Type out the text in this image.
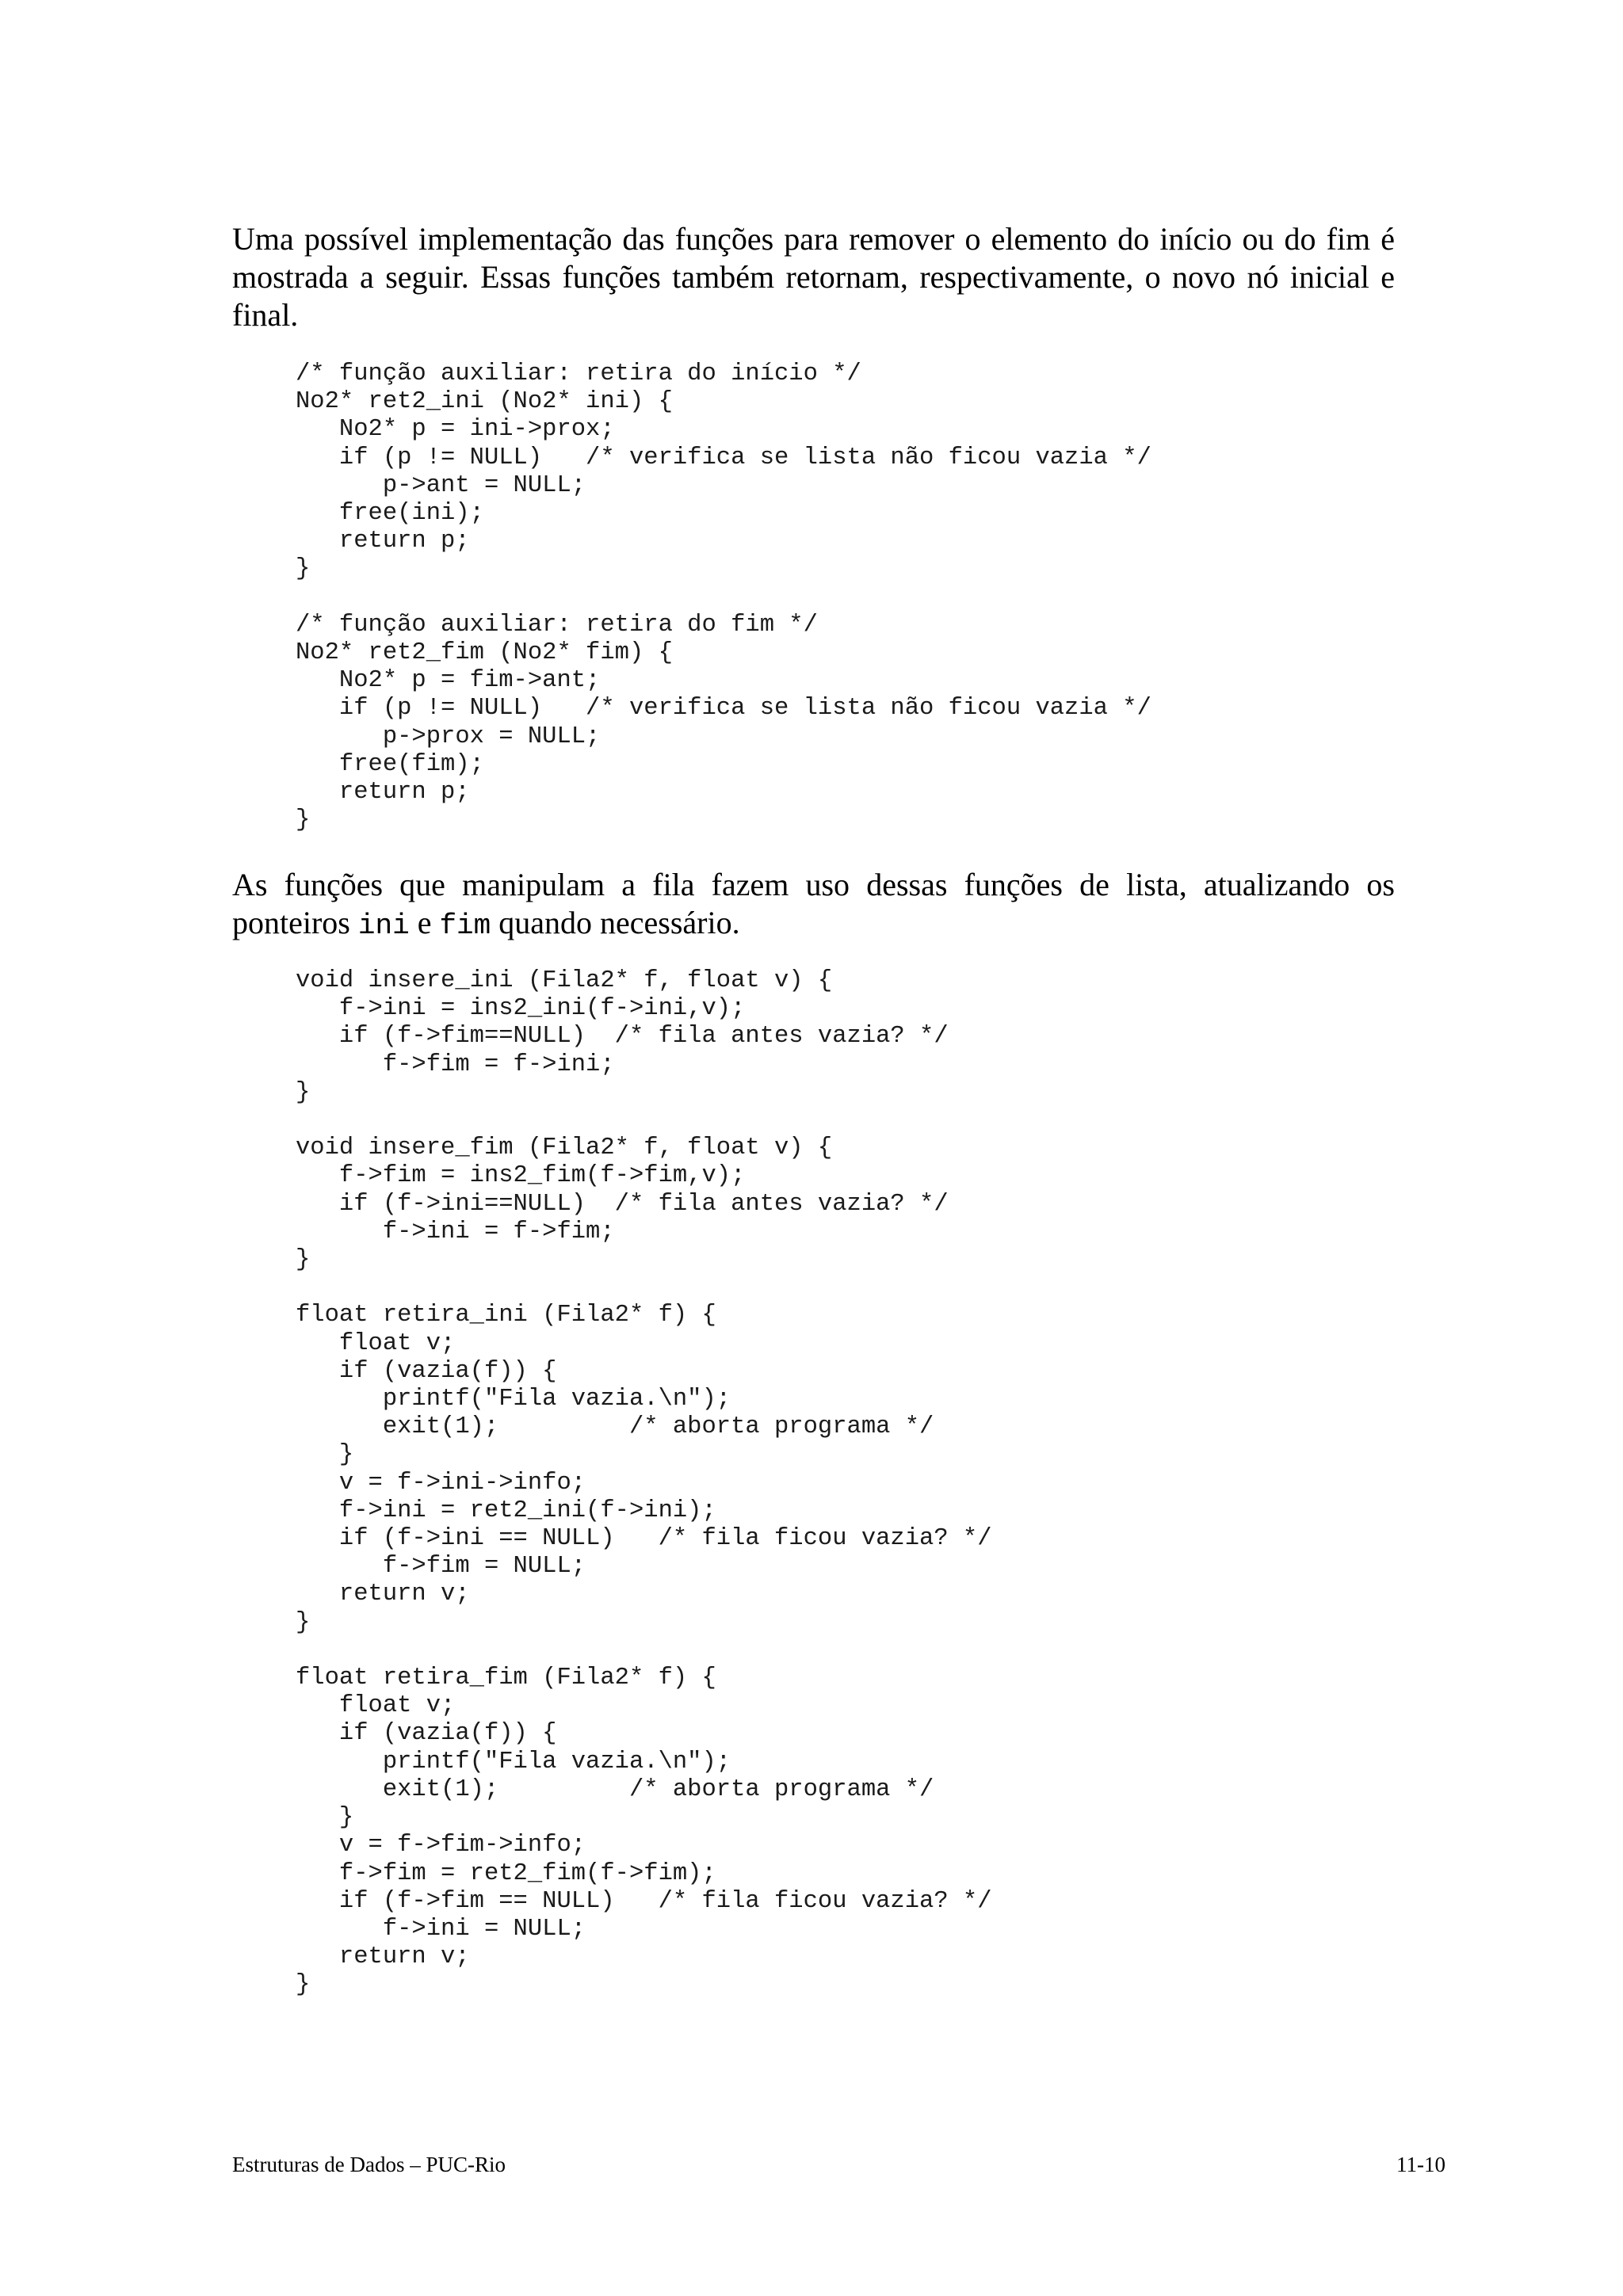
Uma possível implementação das funções para remover o elemento do início ou do fim é mostrada a seguir. Essas funções também retornam, respectivamente, o novo nó inicial e final.

/* função auxiliar: retira do início */
No2* ret2_ini (No2* ini) {
No2* p = ini->prox;
if (p != NULL)   /* verifica se lista não ficou vazia */
p->ant = NULL;
free(ini);
return p;
}

/* função auxiliar: retira do fim */
No2* ret2_fim (No2* fim) {
No2* p = fim->ant;
if (p != NULL)   /* verifica se lista não ficou vazia */
p->prox = NULL;
free(fim);
return p;
}

As funções que manipulam a fila fazem uso dessas funções de lista, atualizando os ponteiros ini e fim quando necessário.

void insere_ini (Fila2* f, float v) {
f->ini = ins2_ini(f->ini,v);
if (f->fim==NULL)  /* fila antes vazia? */
f->fim = f->ini;
}

void insere_fim (Fila2* f, float v) {
f->fim = ins2_fim(f->fim,v);
if (f->ini==NULL)  /* fila antes vazia? */
f->ini = f->fim;
}

float retira_ini (Fila2* f) {
float v;
if (vazia(f)) {
printf("Fila vazia.\n");
exit(1);         /* aborta programa */
}
v = f->ini->info;
f->ini = ret2_ini(f->ini);
if (f->ini == NULL)   /* fila ficou vazia? */
f->fim = NULL;
return v;
}

float retira_fim (Fila2* f) {
float v;
if (vazia(f)) {
printf("Fila vazia.\n");
exit(1);         /* aborta programa */
}
v = f->fim->info;
f->fim = ret2_fim(f->fim);
if (f->fim == NULL)   /* fila ficou vazia? */
f->ini = NULL;
return v;
}
Estruturas de Dados – PUC-Rio	11-10
